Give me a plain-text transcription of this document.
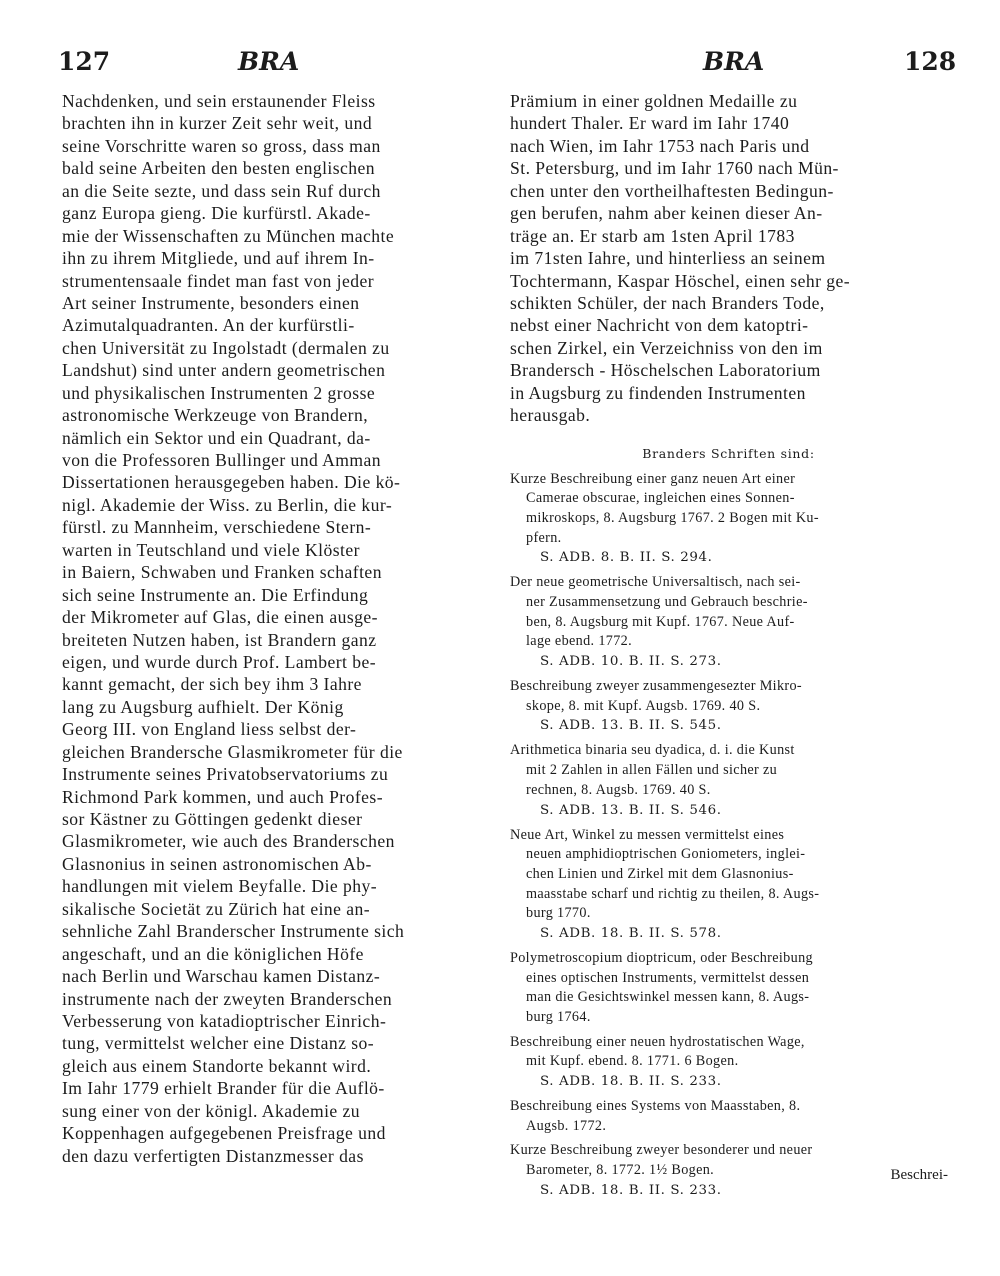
127	BRA	BRA	128
Nachdenken, und sein erstaunender Fleiss
brachten ihn in kurzer Zeit sehr weit, und
seine Vorschritte waren so gross, dass man
bald seine Arbeiten den besten englischen
an die Seite sezte, und dass sein Ruf durch
ganz Europa gieng. Die kurfürstl. Akade-
mie der Wissenschaften zu München machte
ihn zu ihrem Mitgliede, und auf ihrem In-
strumentensaale findet man fast von jeder
Art seiner Instrumente, besonders einen
Azimutalquadranten. An der kurfürstli-
chen Universität zu Ingolstadt (dermalen zu
Landshut) sind unter andern geometrischen
und physikalischen Instrumenten 2 grosse
astronomische Werkzeuge von Brandern,
nämlich ein Sektor und ein Quadrant, da-
von die Professoren Bullinger und Amman
Dissertationen herausgegeben haben. Die kö-
nigl. Akademie der Wiss. zu Berlin, die kur-
fürstl. zu Mannheim, verschiedene Stern-
warten in Teutschland und viele Klöster
in Baiern, Schwaben und Franken schaften
sich seine Instrumente an. Die Erfindung
der Mikrometer auf Glas, die einen ausge-
breiteten Nutzen haben, ist Brandern ganz
eigen, und wurde durch Prof. Lambert be-
kannt gemacht, der sich bey ihm 3 Iahre
lang zu Augsburg aufhielt. Der König
Georg III. von England liess selbst der-
gleichen Brandersche Glasmikrometer für die
Instrumente seines Privatobservatoriums zu
Richmond Park kommen, und auch Profes-
sor Kästner zu Göttingen gedenkt dieser
Glasmikrometer, wie auch des Branderschen
Glasnonius in seinen astronomischen Ab-
handlungen mit vielem Beyfalle. Die phy-
sikalische Societät zu Zürich hat eine an-
sehnliche Zahl Branderscher Instrumente sich
angeschaft, und an die königlichen Höfe
nach Berlin und Warschau kamen Distanz-
instrumente nach der zweyten Branderschen
Verbesserung von katadioptrischer Einrich-
tung, vermittelst welcher eine Distanz so-
gleich aus einem Standorte bekannt wird.
Im Iahr 1779 erhielt Brander für die Auflö-
sung einer von der königl. Akademie zu
Koppenhagen aufgegebenen Preisfrage und
den dazu verfertigten Distanzmesser das
Prämium in einer goldnen Medaille zu
hundert Thaler. Er ward im Iahr 1740
nach Wien, im Iahr 1753 nach Paris und
St. Petersburg, und im Iahr 1760 nach Mün-
chen unter den vortheilhaftesten Bedingun-
gen berufen, nahm aber keinen dieser An-
träge an. Er starb am 1sten April 1783
im 71sten Iahre, und hinterliess an seinem
Tochtermann, Kaspar Höschel, einen sehr ge-
schikten Schüler, der nach Branders Tode,
nebst einer Nachricht von dem katoptri-
schen Zirkel, ein Verzeichniss von den im
Brandersch - Höschelschen Laboratorium
in Augsburg zu findenden Instrumenten
herausgab.
Branders Schriften sind:
Kurze Beschreibung einer ganz neuen Art einer
Camerae obscurae, ingleichen eines Sonnen-
mikroskops, 8. Augsburg 1767. 2 Bogen mit Ku-
pfern.
S. ADB. 8. B. II. S. 294.
Der neue geometrische Universaltisch, nach sei-
ner Zusammensetzung und Gebrauch beschrie-
ben, 8. Augsburg mit Kupf. 1767. Neue Auf-
lage ebend. 1772.
S. ADB. 10. B. II. S. 273.
Beschreibung zweyer zusammengesezter Mikro-
skope, 8. mit Kupf. Augsb. 1769. 40 S.
S. ADB. 13. B. II. S. 545.
Arithmetica binaria seu dyadica, d. i. die Kunst
mit 2 Zahlen in allen Fällen und sicher zu
rechnen, 8. Augsb. 1769. 40 S.
S. ADB. 13. B. II. S. 546.
Neue Art, Winkel zu messen vermittelst eines
neuen amphidioptrischen Goniometers, inglei-
chen Linien und Zirkel mit dem Glasnonius-
maasstabe scharf und richtig zu theilen, 8. Augs-
burg 1770.
S. ADB. 18. B. II. S. 578.
Polymetroscopium dioptricum, oder Beschreibung
eines optischen Instruments, vermittelst dessen
man die Gesichtswinkel messen kann, 8. Augs-
burg 1764.
Beschreibung einer neuen hydrostatischen Wage,
mit Kupf. ebend. 8. 1771. 6 Bogen.
S. ADB. 18. B. II. S. 233.
Beschreibung eines Systems von Maasstaben, 8.
Augsb. 1772.
Kurze Beschreibung zweyer besonderer und neuer
Barometer, 8. 1772. 1½ Bogen.
S. ADB. 18. B. II. S. 233.
Beschrei-
